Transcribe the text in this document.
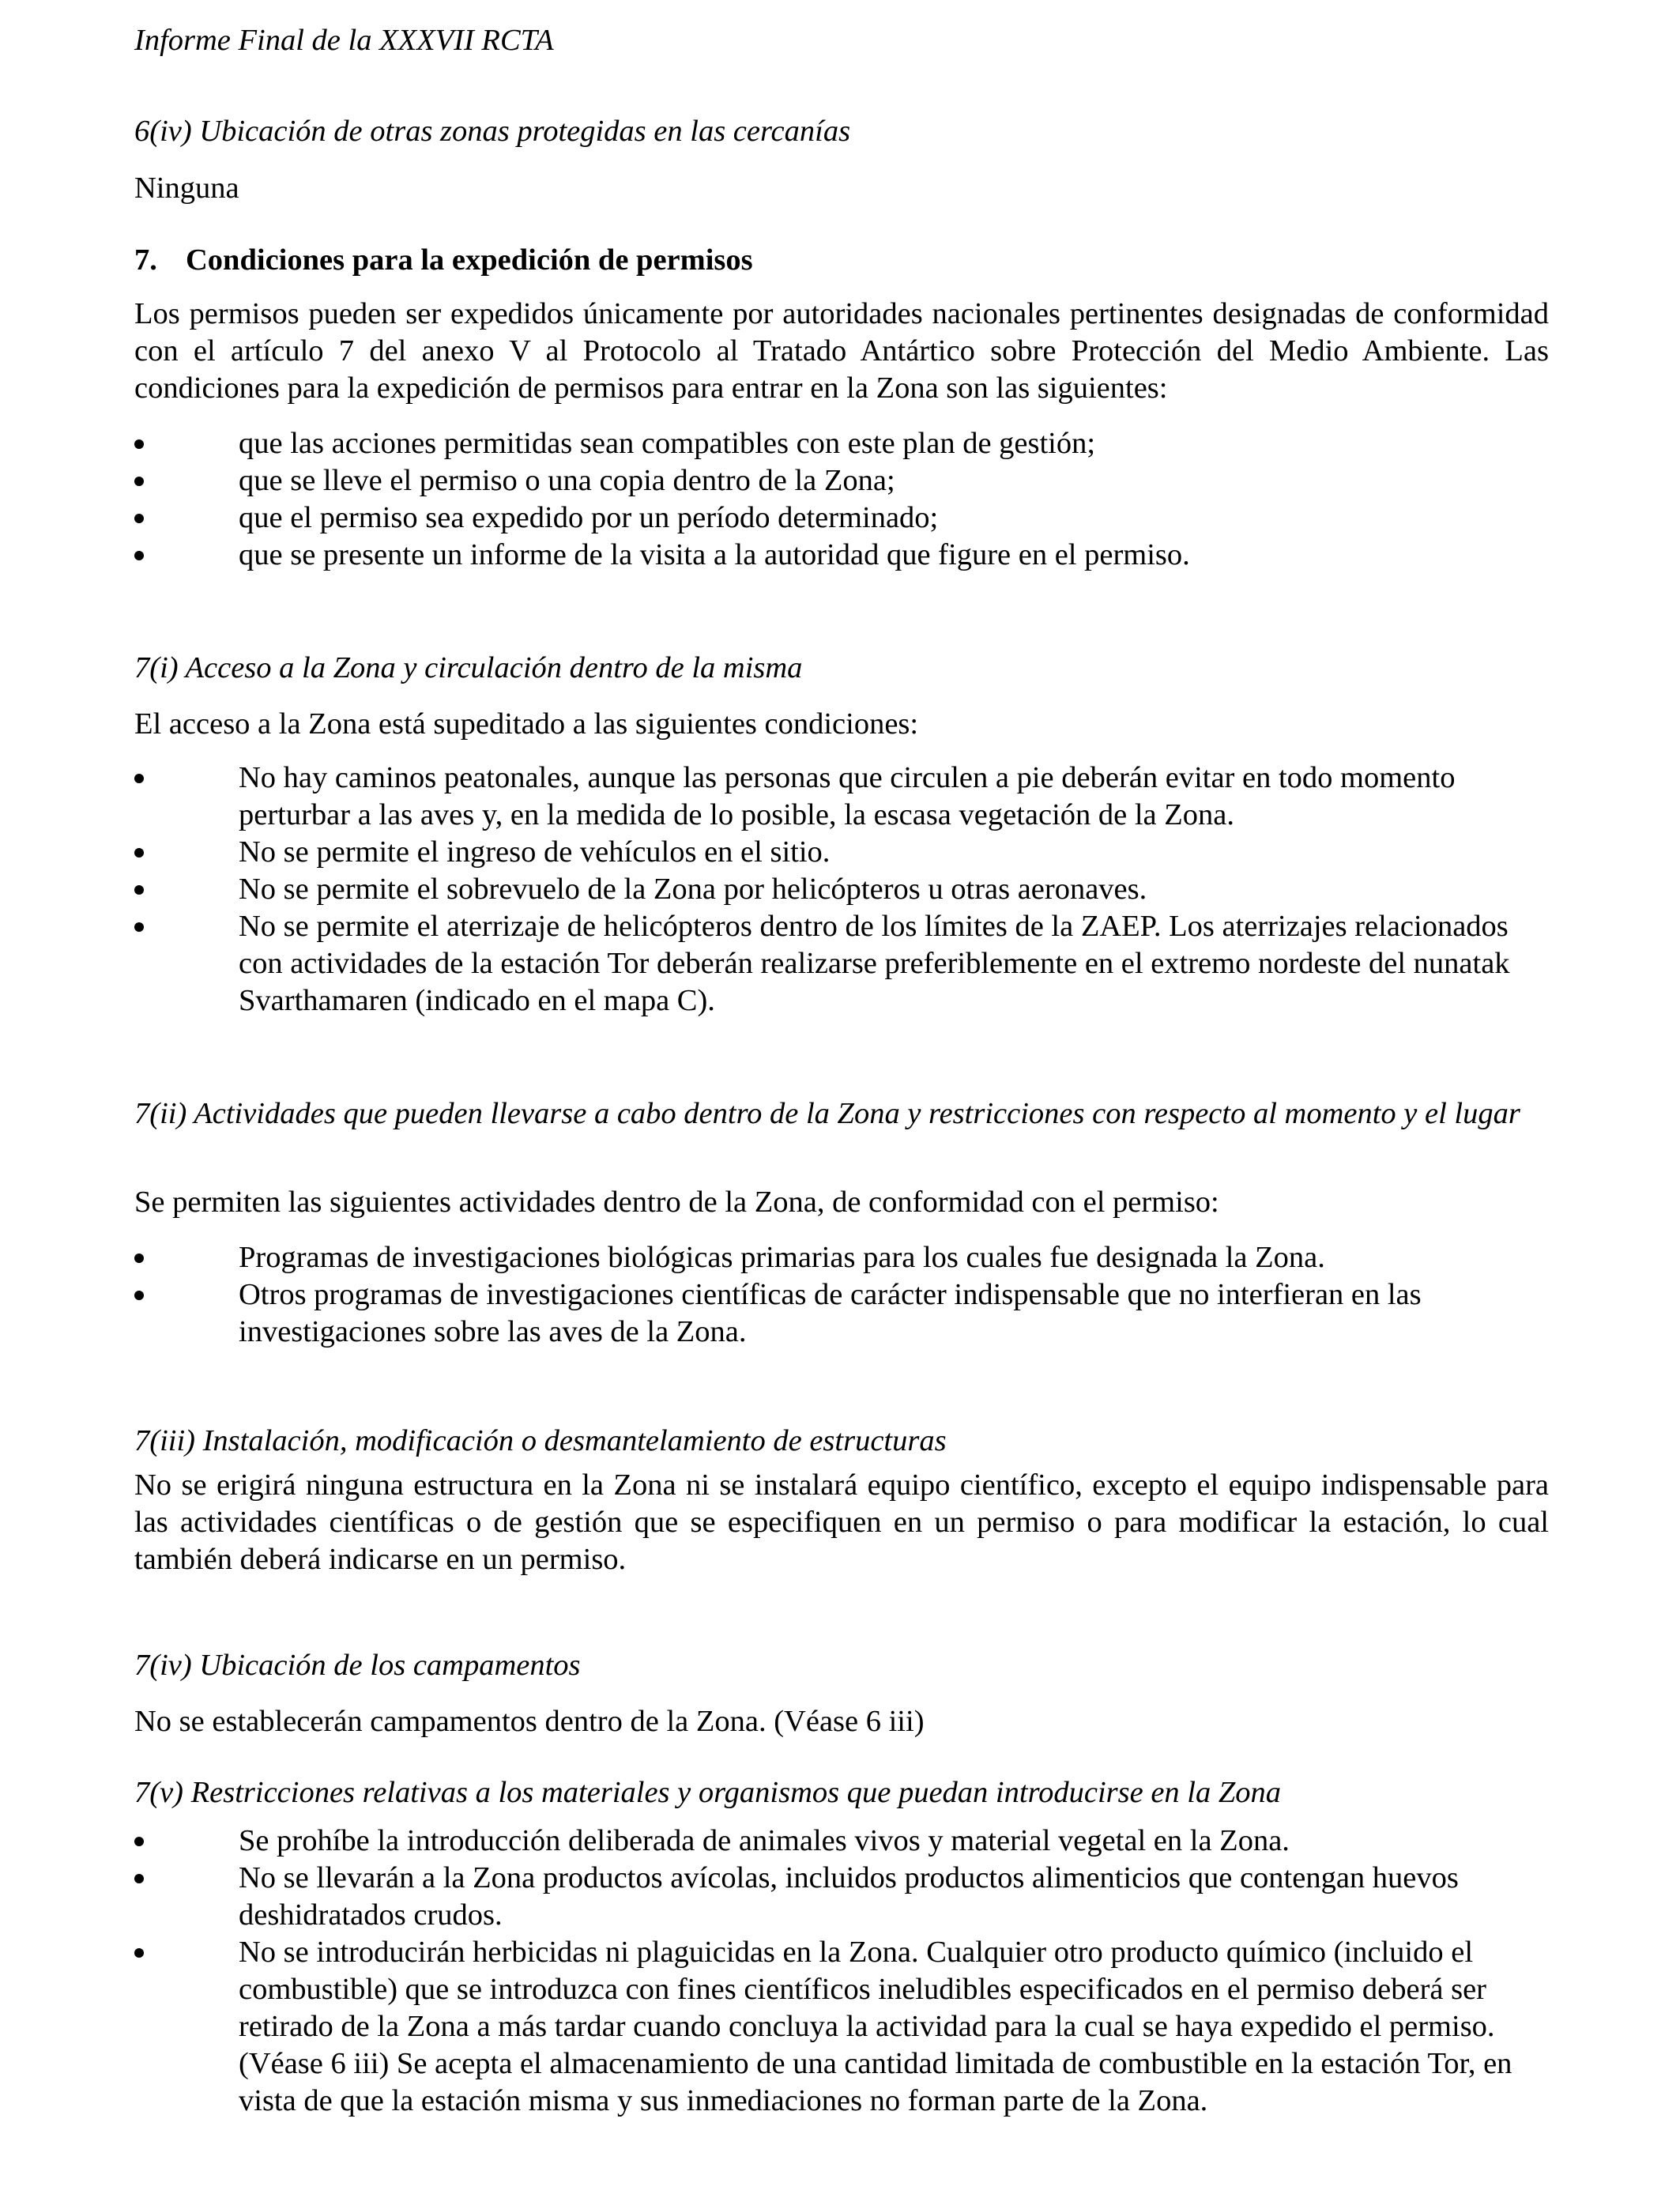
Informe Final de la XXXVII RCTA

6(iv) Ubicación de otras zonas protegidas en las cercanías

Ninguna

7. Condiciones para la expedición de permisos

Los permisos pueden ser expedidos únicamente por autoridades nacionales pertinentes designadas de conformidad con el artículo 7 del anexo V al Protocolo al Tratado Antártico sobre Protección del Medio Ambiente. Las condiciones para la expedición de permisos para entrar en la Zona son las siguientes:

que las acciones permitidas sean compatibles con este plan de gestión;
que se lleve el permiso o una copia dentro de la Zona;
que el permiso sea expedido por un período determinado;
que se presente un informe de la visita a la autoridad que figure en el permiso.

7(i) Acceso a la Zona y circulación dentro de la misma

El acceso a la Zona está supeditado a las siguientes condiciones:

No hay caminos peatonales, aunque las personas que circulen a pie deberán evitar en todo momento perturbar a las aves y, en la medida de lo posible, la escasa vegetación de la Zona.
No se permite el ingreso de vehículos en el sitio.
No se permite el sobrevuelo de la Zona por helicópteros u otras aeronaves.
No se permite el aterrizaje de helicópteros dentro de los límites de la ZAEP. Los aterrizajes relacionados con actividades de la estación Tor deberán realizarse preferiblemente en el extremo nordeste del nunatak Svarthamaren (indicado en el mapa C).

7(ii) Actividades que pueden llevarse a cabo dentro de la Zona y restricciones con respecto al momento y el lugar

Se permiten las siguientes actividades dentro de la Zona, de conformidad con el permiso:

Programas de investigaciones biológicas primarias para los cuales fue designada la Zona.
Otros programas de investigaciones científicas de carácter indispensable que no interfieran en las investigaciones sobre las aves de la Zona.

7(iii) Instalación, modificación o desmantelamiento de estructuras

No se erigirá ninguna estructura en la Zona ni se instalará equipo científico, excepto el equipo indispensable para las actividades científicas o de gestión que se especifiquen en un permiso o para modificar la estación, lo cual también deberá indicarse en un permiso.

7(iv) Ubicación de los campamentos

No se establecerán campamentos dentro de la Zona. (Véase 6 iii)

7(v) Restricciones relativas a los materiales y organismos que puedan introducirse en la Zona

Se prohíbe la introducción deliberada de animales vivos y material vegetal en la Zona.
No se llevarán a la Zona productos avícolas, incluidos productos alimenticios que contengan huevos deshidratados crudos.
No se introducirán herbicidas ni plaguicidas en la Zona. Cualquier otro producto químico (incluido el combustible) que se introduzca con fines científicos ineludibles especificados en el permiso deberá ser retirado de la Zona a más tardar cuando concluya la actividad para la cual se haya expedido el permiso. (Véase 6 iii) Se acepta el almacenamiento de una cantidad limitada de combustible en la estación Tor, en vista de que la estación misma y sus inmediaciones no forman parte de la Zona.
